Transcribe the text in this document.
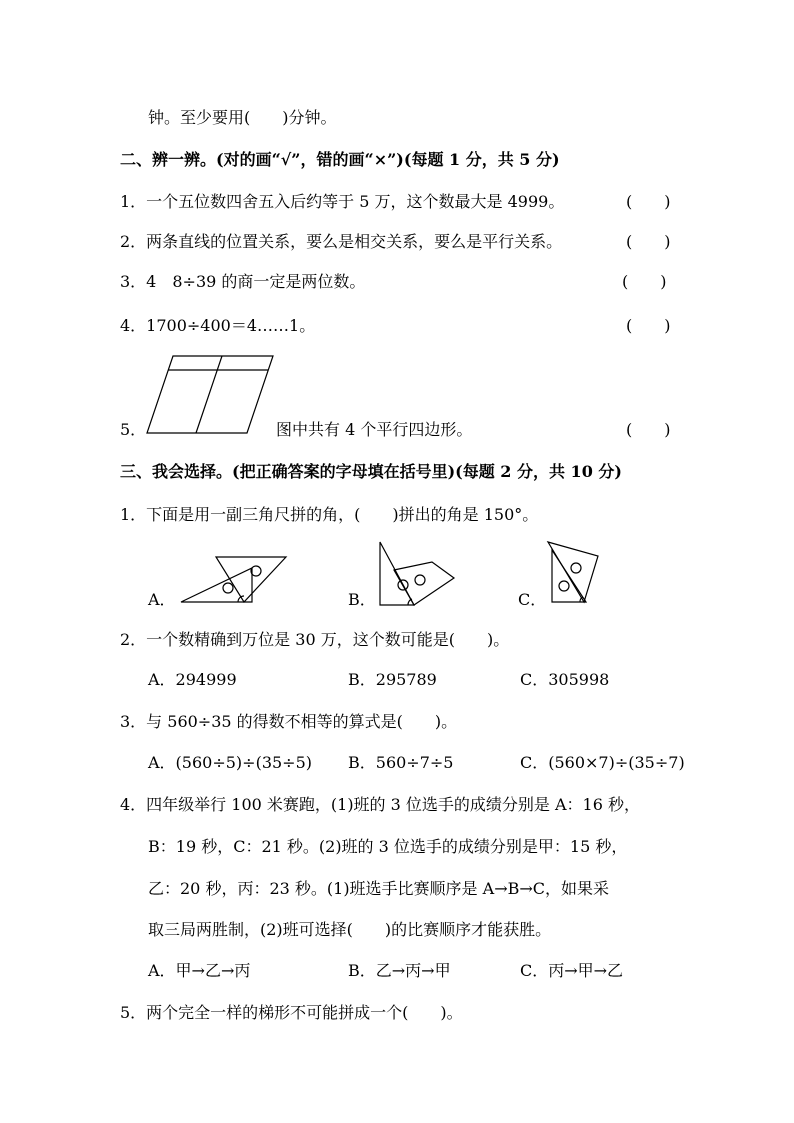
钟。至少要用(　　)分钟。
二、辨一辨。(对的画“√”，错的画“×”)(每题 1 分，共 5 分)
1．一个五位数四舍五入后约等于 5 万，这个数最大是 4999。	(　　)
2．两条直线的位置关系，要么是相交关系，要么是平行关系。	(　　)
3．4　8÷39 的商一定是两位数。	(　　)
4．1700÷400＝4……1。	(　　)
5．	图中共有 4 个平行四边形。	(　　)
三、我会选择。(把正确答案的字母填在括号里)(每题 2 分，共 10 分)
1．下面是用一副三角尺拼的角，(　　)拼出的角是 150°。
A．	B．	C．
2．一个数精确到万位是 30 万，这个数可能是(　　)。
A．294999	B．295789	C．305998
3．与 560÷35 的得数不相等的算式是(　　)。
A．(560÷5)÷(35÷5) B．560÷7÷5	C．(560×7)÷(35÷7)
4．四年级举行 100 米赛跑，(1)班的 3 位选手的成绩分别是 A：16 秒，
B：19 秒，C：21 秒。(2)班的 3 位选手的成绩分别是甲：15 秒，
乙：20 秒，丙：23 秒。(1)班选手比赛顺序是 A→B→C，如果采
取三局两胜制，(2)班可选择(　　)的比赛顺序才能获胜。
A．甲→乙→丙	B．乙→丙→甲	C．丙→甲→乙
5．两个完全一样的梯形不可能拼成一个(　　)。
